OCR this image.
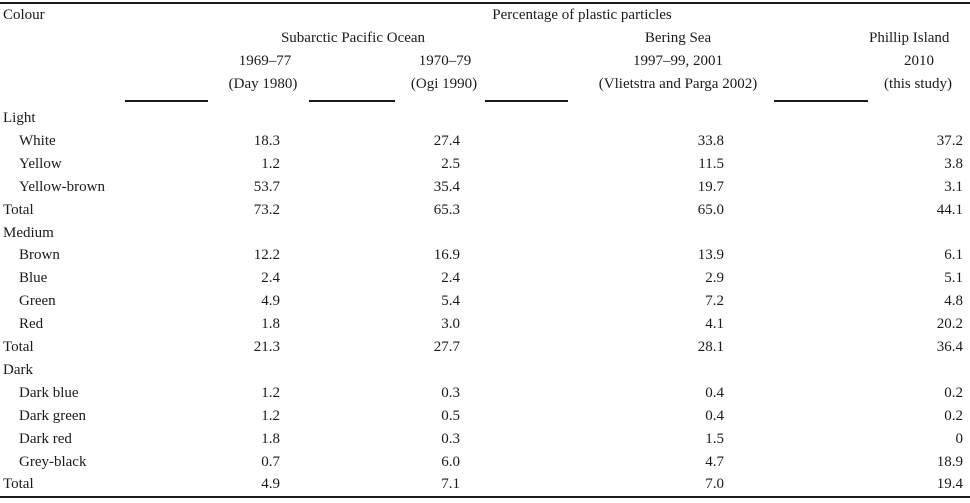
Colour	Percentage of plastic particles
Subarctic Pacific Ocean	Bering Sea	Phillip Island
1969–77	1970–79	1997–99, 2001	2010
(Day 1980)	(Ogi 1990)	(Vlietstra and Parga 2002)	(this study)
Light
White	18.3	27.4	33.8	37.2
Yellow	1.2	2.5	11.5	3.8
Yellow-brown	53.7	35.4	19.7	3.1
Total	73.2	65.3	65.0	44.1
Medium
Brown	12.2	16.9	13.9	6.1
Blue	2.4	2.4	2.9	5.1
Green	4.9	5.4	7.2	4.8
Red	1.8	3.0	4.1	20.2
Total	21.3	27.7	28.1	36.4
Dark
Dark blue	1.2	0.3	0.4	0.2
Dark green	1.2	0.5	0.4	0.2
Dark red	1.8	0.3	1.5	0
Grey-black	0.7	6.0	4.7	18.9
Total	4.9	7.1	7.0	19.4
